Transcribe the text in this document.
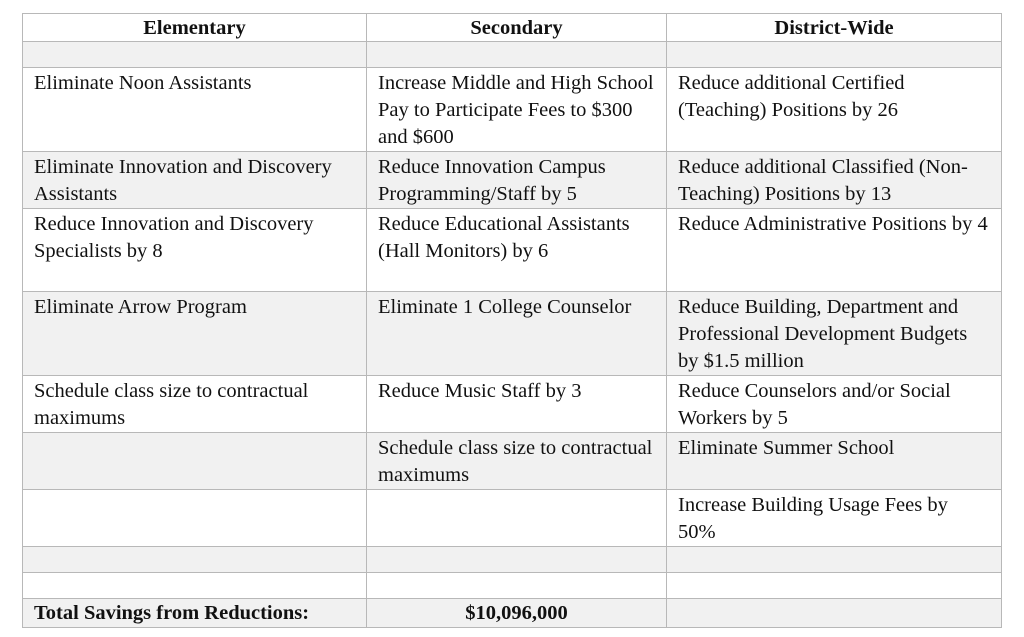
Elementary	Secondary	District-Wide

Eliminate Noon Assistants	Increase Middle and High School Pay to Participate Fees to $300 and $600	Reduce additional Certified (Teaching) Positions by 26
Eliminate Innovation and Discovery Assistants	Reduce Innovation Campus Programming/Staff by 5	Reduce additional Classified (Non-Teaching) Positions by 13
Reduce Innovation and Discovery Specialists by 8	Reduce Educational Assistants (Hall Monitors) by 6	Reduce Administrative Positions by 4
Eliminate Arrow Program	Eliminate 1 College Counselor	Reduce Building, Department and Professional Development Budgets by $1.5 million
Schedule class size to contractual maximums	Reduce Music Staff by 3	Reduce Counselors and/or Social Workers by 5
	Schedule class size to contractual maximums	Eliminate Summer School
		Increase Building Usage Fees by 50%

Total Savings from Reductions:	$10,096,000	
